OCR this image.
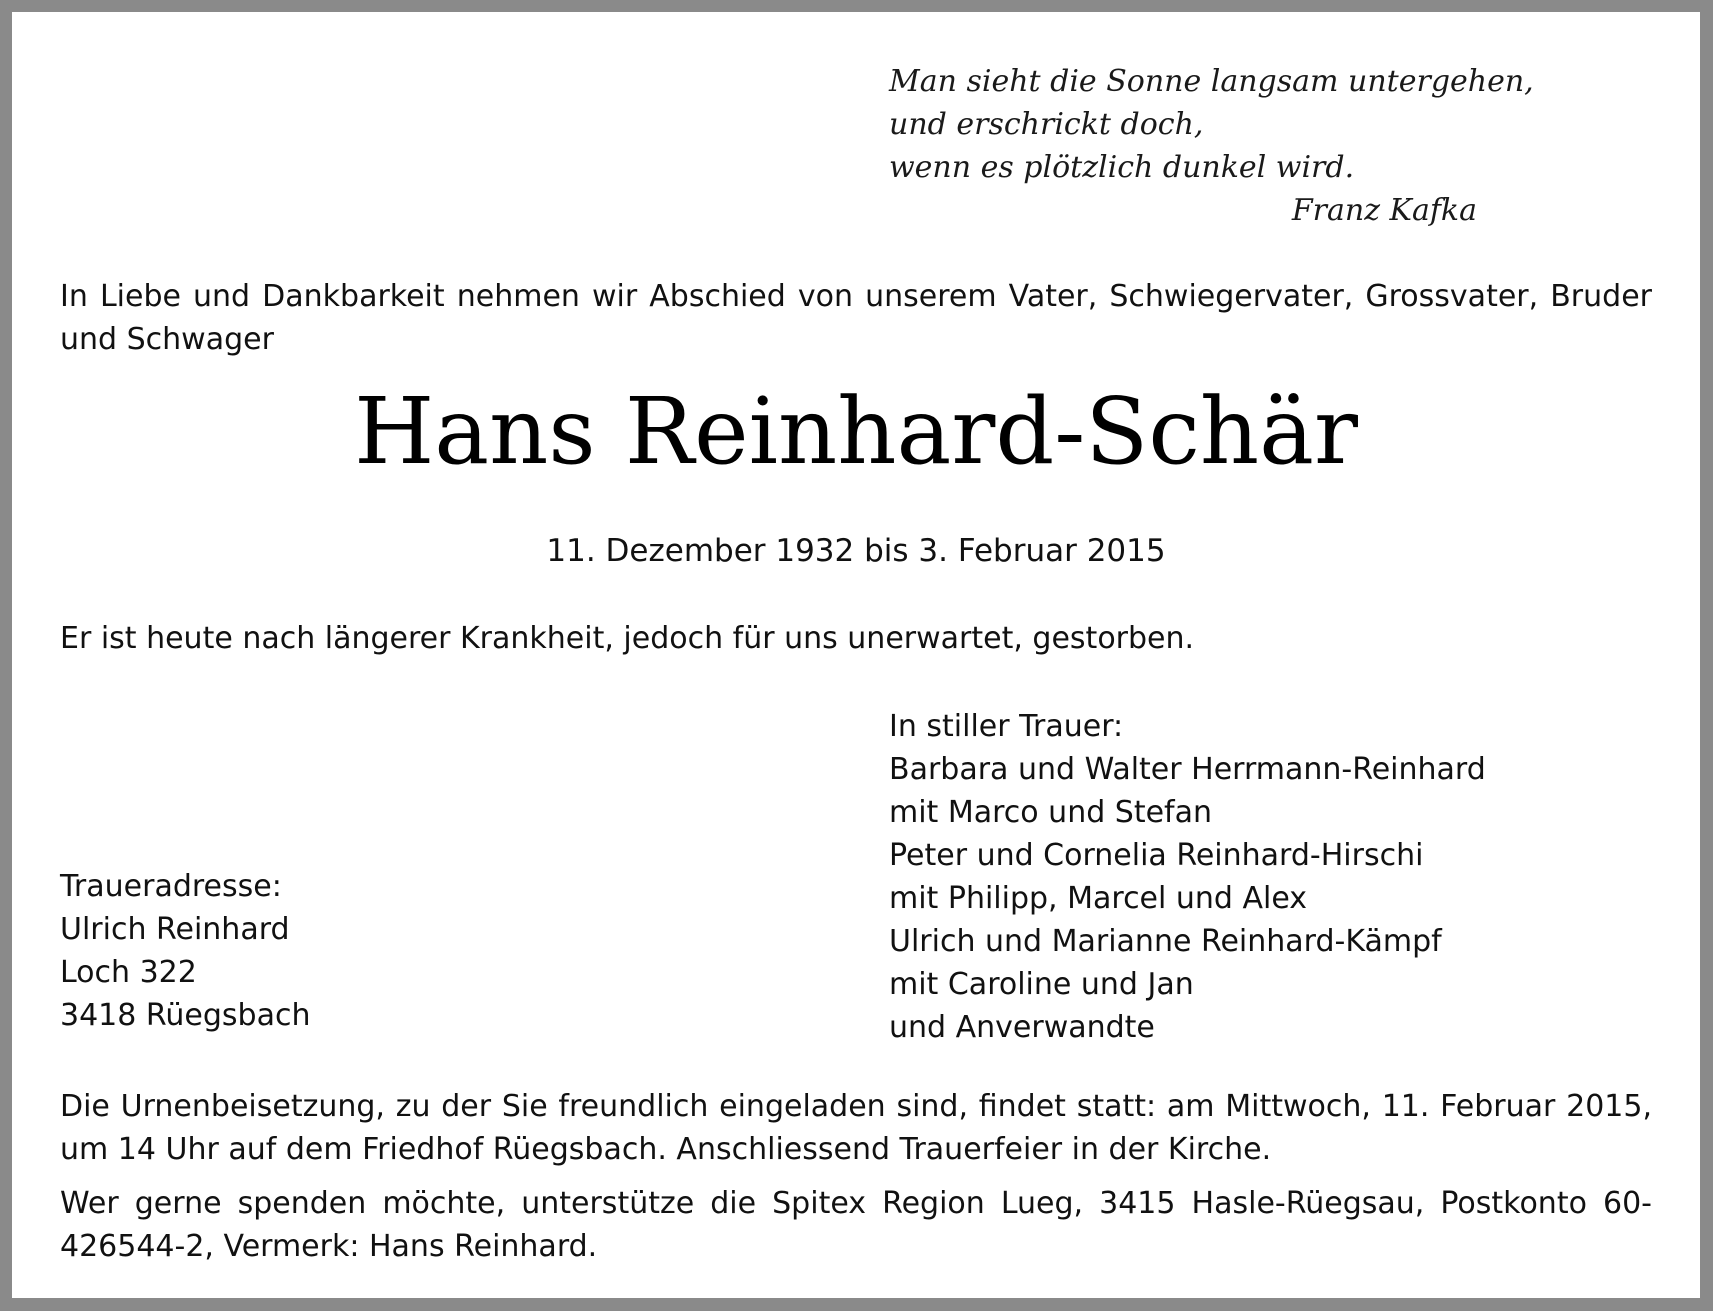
Man sieht die Sonne langsam untergehen,
und erschrickt doch,
wenn es plötzlich dunkel wird.
Franz Kafka
In Liebe und Dankbarkeit nehmen wir Abschied von unserem Vater, Schwiegervater, Grossvater, Bruder und Schwager
Hans Reinhard-Schär
11. Dezember 1932 bis 3. Februar 2015
Er ist heute nach längerer Krankheit, jedoch für uns unerwartet, gestorben.
In stiller Trauer:
Barbara und Walter Herrmann-Reinhard
mit Marco und Stefan
Peter und Cornelia Reinhard-Hirschi
mit Philipp, Marcel und Alex
Ulrich und Marianne Reinhard-Kämpf
mit Caroline und Jan
und Anverwandte
Traueradresse:
Ulrich Reinhard
Loch 322
3418 Rüegsbach
Die Urnenbeisetzung, zu der Sie freundlich eingeladen sind, findet statt: am Mittwoch, 11. Februar 2015, um 14 Uhr auf dem Friedhof Rüegsbach. Anschliessend Trauerfeier in der Kirche.
Wer gerne spenden möchte, unterstütze die Spitex Region Lueg, 3415 Hasle-Rüegsau, Postkonto 60-426544-2, Vermerk: Hans Reinhard.
